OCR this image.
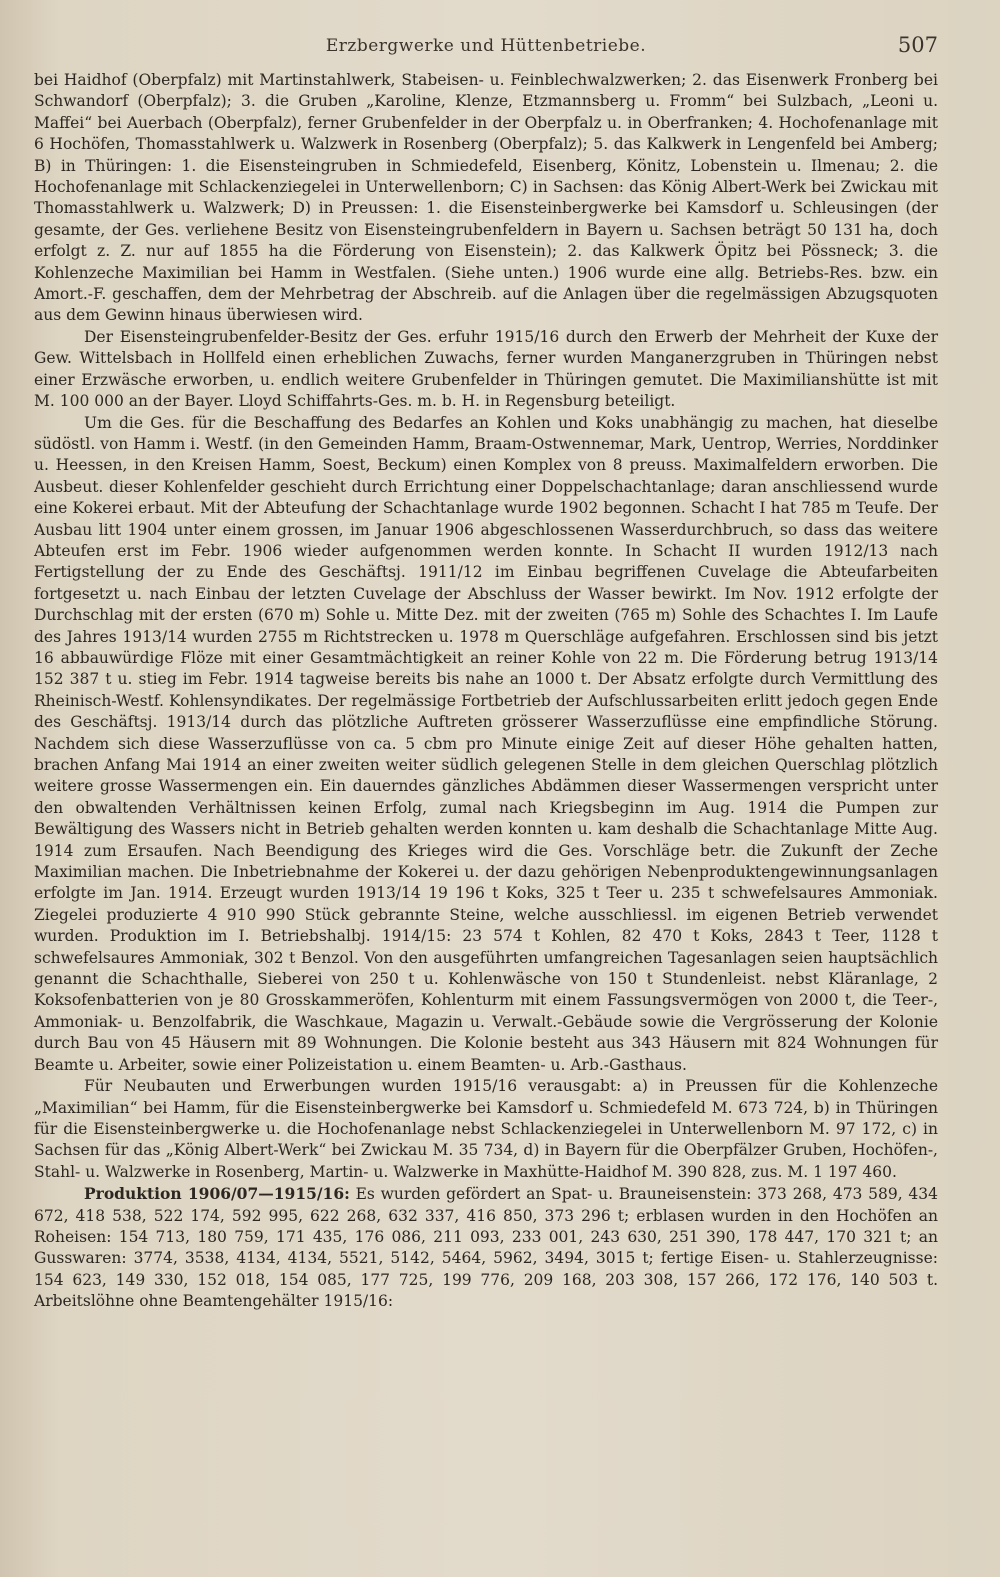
Erzbergwerke und Hüttenbetriebe.	507

bei Haidhof (Oberpfalz) mit Martinstahlwerk, Stabeisen- u. Feinblechwalzwerken; 2. das Eisenwerk Fronberg bei Schwandorf (Oberpfalz); 3. die Gruben „Karoline, Klenze, Etzmannsberg u. Fromm“ bei Sulzbach, „Leoni u. Maffei“ bei Auerbach (Oberpfalz), ferner Grubenfelder in der Oberpfalz u. in Oberfranken; 4. Hochofenanlage mit 6 Hochöfen, Thomasstahlwerk u. Walzwerk in Rosenberg (Oberpfalz); 5. das Kalkwerk in Lengenfeld bei Amberg; B) in Thüringen: 1. die Eisensteingruben in Schmiedefeld, Eisenberg, Könitz, Lobenstein u. Ilmenau; 2. die Hochofenanlage mit Schlackenziegelei in Unterwellenborn; C) in Sachsen: das König Albert-Werk bei Zwickau mit Thomasstahlwerk u. Walzwerk; D) in Preussen: 1. die Eisensteinbergwerke bei Kamsdorf u. Schleusingen (der gesamte, der Ges. verliehene Besitz von Eisensteingrubenfeldern in Bayern u. Sachsen beträgt 50 131 ha, doch erfolgt z. Z. nur auf 1855 ha die Förderung von Eisenstein); 2. das Kalkwerk Öpitz bei Pössneck; 3. die Kohlenzeche Maximilian bei Hamm in Westfalen. (Siehe unten.) 1906 wurde eine allg. Betriebs-Res. bzw. ein Amort.-F. geschaffen, dem der Mehrbetrag der Abschreib. auf die Anlagen über die regelmässigen Abzugsquoten aus dem Gewinn hinaus überwiesen wird.

Der Eisensteingrubenfelder-Besitz der Ges. erfuhr 1915/16 durch den Erwerb der Mehrheit der Kuxe der Gew. Wittelsbach in Hollfeld einen erheblichen Zuwachs, ferner wurden Manganerzgruben in Thüringen nebst einer Erzwäsche erworben, u. endlich weitere Grubenfelder in Thüringen gemutet. Die Maximilianshütte ist mit M. 100 000 an der Bayer. Lloyd Schiffahrts-Ges. m. b. H. in Regensburg beteiligt.

Um die Ges. für die Beschaffung des Bedarfes an Kohlen und Koks unabhängig zu machen, hat dieselbe südöstl. von Hamm i. Westf. (in den Gemeinden Hamm, Braam-Ostwennemar, Mark, Uentrop, Werries, Norddinker u. Heessen, in den Kreisen Hamm, Soest, Beckum) einen Komplex von 8 preuss. Maximalfeldern erworben. Die Ausbeut. dieser Kohlenfelder geschieht durch Errichtung einer Doppelschachtanlage; daran anschliessend wurde eine Kokerei erbaut. Mit der Abteufung der Schachtanlage wurde 1902 begonnen. Schacht I hat 785 m Teufe. Der Ausbau litt 1904 unter einem grossen, im Januar 1906 abgeschlossenen Wasserdurchbruch, so dass das weitere Abteufen erst im Febr. 1906 wieder aufgenommen werden konnte. In Schacht II wurden 1912/13 nach Fertigstellung der zu Ende des Geschäftsj. 1911/12 im Einbau begriffenen Cuvelage die Abteufarbeiten fortgesetzt u. nach Einbau der letzten Cuvelage der Abschluss der Wasser bewirkt. Im Nov. 1912 erfolgte der Durchschlag mit der ersten (670 m) Sohle u. Mitte Dez. mit der zweiten (765 m) Sohle des Schachtes I. Im Laufe des Jahres 1913/14 wurden 2755 m Richtstrecken u. 1978 m Querschläge aufgefahren. Erschlossen sind bis jetzt 16 abbauwürdige Flöze mit einer Gesamtmächtigkeit an reiner Kohle von 22 m. Die Förderung betrug 1913/14 152 387 t u. stieg im Febr. 1914 tagweise bereits bis nahe an 1000 t. Der Absatz erfolgte durch Vermittlung des Rheinisch-Westf. Kohlensyndikates. Der regelmässige Fortbetrieb der Aufschlussarbeiten erlitt jedoch gegen Ende des Geschäftsj. 1913/14 durch das plötzliche Auftreten grösserer Wasserzuflüsse eine empfindliche Störung. Nachdem sich diese Wasserzuflüsse von ca. 5 cbm pro Minute einige Zeit auf dieser Höhe gehalten hatten, brachen Anfang Mai 1914 an einer zweiten weiter südlich gelegenen Stelle in dem gleichen Querschlag plötzlich weitere grosse Wassermengen ein. Ein dauerndes gänzliches Abdämmen dieser Wassermengen verspricht unter den obwaltenden Verhältnissen keinen Erfolg, zumal nach Kriegsbeginn im Aug. 1914 die Pumpen zur Bewältigung des Wassers nicht in Betrieb gehalten werden konnten u. kam deshalb die Schachtanlage Mitte Aug. 1914 zum Ersaufen. Nach Beendigung des Krieges wird die Ges. Vorschläge betr. die Zukunft der Zeche Maximilian machen. Die Inbetriebnahme der Kokerei u. der dazu gehörigen Nebenproduktengewinnungsanlagen erfolgte im Jan. 1914. Erzeugt wurden 1913/14 19 196 t Koks, 325 t Teer u. 235 t schwefelsaures Ammoniak. Ziegelei produzierte 4 910 990 Stück gebrannte Steine, welche ausschliessl. im eigenen Betrieb verwendet wurden. Produktion im I. Betriebshalbj. 1914/15: 23 574 t Kohlen, 82 470 t Koks, 2843 t Teer, 1128 t schwefelsaures Ammoniak, 302 t Benzol. Von den ausgeführten umfangreichen Tagesanlagen seien hauptsächlich genannt die Schachthalle, Sieberei von 250 t u. Kohlenwäsche von 150 t Stundenleist. nebst Kläranlage, 2 Koksofenbatterien von je 80 Grosskammeröfen, Kohlenturm mit einem Fassungsvermögen von 2000 t, die Teer-, Ammoniak- u. Benzolfabrik, die Waschkaue, Magazin u. Verwalt.-Gebäude sowie die Vergrösserung der Kolonie durch Bau von 45 Häusern mit 89 Wohnungen. Die Kolonie besteht aus 343 Häusern mit 824 Wohnungen für Beamte u. Arbeiter, sowie einer Polizeistation u. einem Beamten- u. Arb.-Gasthaus.

Für Neubauten und Erwerbungen wurden 1915/16 verausgabt: a) in Preussen für die Kohlenzeche „Maximilian“ bei Hamm, für die Eisensteinbergwerke bei Kamsdorf u. Schmiedefeld M. 673 724, b) in Thüringen für die Eisensteinbergwerke u. die Hochofenanlage nebst Schlackenziegelei in Unterwellenborn M. 97 172, c) in Sachsen für das „König Albert-Werk“ bei Zwickau M. 35 734, d) in Bayern für die Oberpfälzer Gruben, Hochöfen-, Stahl- u. Walzwerke in Rosenberg, Martin- u. Walzwerke in Maxhütte-Haidhof M. 390 828, zus. M. 1 197 460.

Produktion 1906/07—1915/16: Es wurden gefördert an Spat- u. Brauneisenstein: 373 268, 473 589, 434 672, 418 538, 522 174, 592 995, 622 268, 632 337, 416 850, 373 296 t; erblasen wurden in den Hochöfen an Roheisen: 154 713, 180 759, 171 435, 176 086, 211 093, 233 001, 243 630, 251 390, 178 447, 170 321 t; an Gusswaren: 3774, 3538, 4134, 4134, 5521, 5142, 5464, 5962, 3494, 3015 t; fertige Eisen- u. Stahlerzeugnisse: 154 623, 149 330, 152 018, 154 085, 177 725, 199 776, 209 168, 203 308, 157 266, 172 176, 140 503 t. Arbeitslöhne ohne Beamtengehälter 1915/16:
